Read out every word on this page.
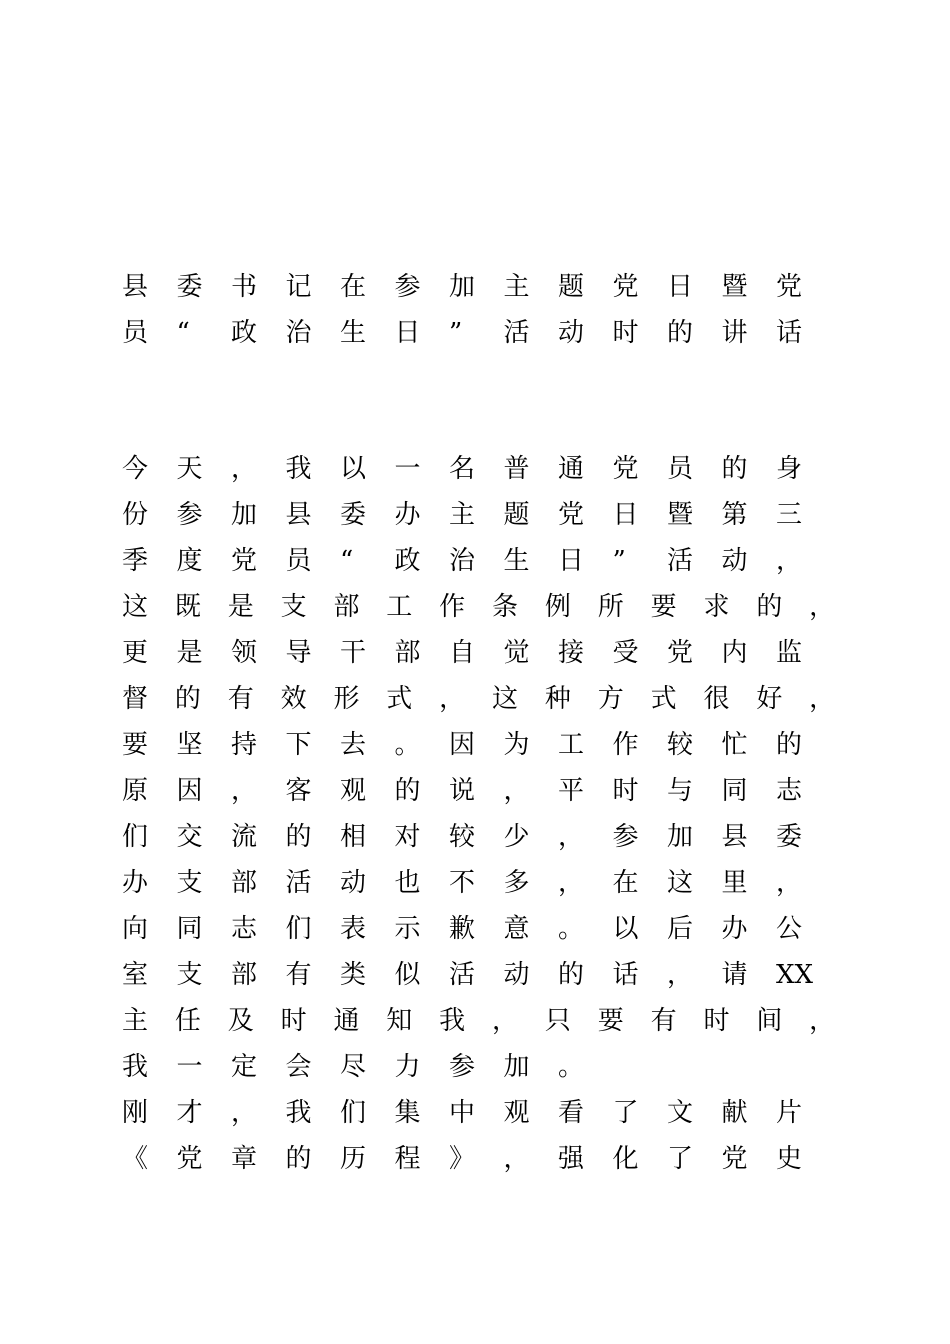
县	委	书	记	在	参	加	主	题	党	日	暨	党
员	“	政	治	生	日	”	活	动	时	的	讲	话
今	天	，	我	以	一	名	普	通	党	员	的	身
份	参	加	县	委	办	主	题	党	日	暨	第	三
季	度	党	员	“	政	治	生	日	”	活	动	，
这	既	是	支	部	工	作	条	例	所	要	求	的	，
更	是	领	导	干	部	自	觉	接	受	党	内	监
督	的	有	效	形	式	，	这	种	方	式	很	好	，
要	坚	持	下	去	。	因	为	工	作	较	忙	的
原	因	，	客	观	的	说	，	平	时	与	同	志
们	交	流	的	相	对	较	少	，	参	加	县	委
办	支	部	活	动	也	不	多	，	在	这	里	，
向	同	志	们	表	示	歉	意	。	以	后	办	公
室	支	部	有	类	似	活	动	的	话	，	请	XX
主	任	及	时	通	知	我	，	只	要	有	时	间	，
我	一	定	会	尽	力	参	加	。
刚	才	，	我	们	集	中	观	看	了	文	献	片
《	党	章	的	历	程	》	，	强	化	了	党	史
